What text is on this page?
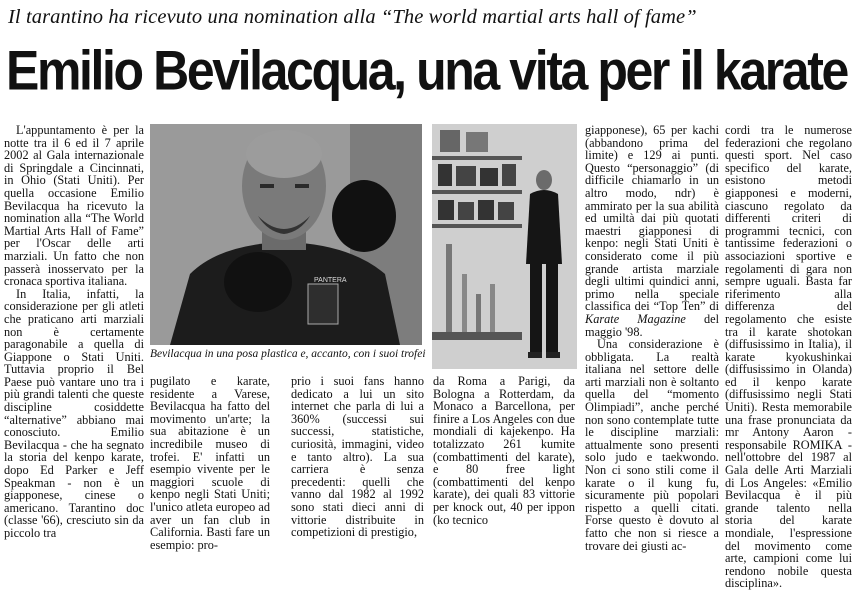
Il tarantino ha ricevuto una nomination alla “The world martial arts hall of fame”
Emilio Bevilacqua, una vita per il karate

L'appuntamento è per la notte tra il 6 ed il 7 aprile 2002 al Gala internazionale di Springdale a Cincinnati, in Ohio (Stati Uniti). Per quella occasione Emilio Bevilacqua ha ricevuto la nomination alla “The World Martial Arts Hall of Fame” per l'Oscar delle arti marziali. Un fatto che non passerà inosservato per la cronaca sportiva italiana.

In Italia, infatti, la considerazione per gli atleti che praticano arti marziali non è certamente paragonabile a quella di Giappone o Stati Uniti. Tuttavia proprio il Bel Paese può vantare uno tra i più grandi talenti che queste discipline cosiddette “alternative” abbiano mai conosciuto. Emilio Bevilacqua - che ha segnato la storia del kenpo karate, dopo Ed Parker e Jeff Speakman - non è un giapponese, cinese o americano. Tarantino doc (classe '66), cresciuto sin da piccolo tra

PANTERA
Bevilacqua in una posa plastica e, accanto, con i suoi trofei

pugilato e karate, residente a Varese, Bevilacqua ha fatto del movimento un'arte; la sua abitazione è un incredibile museo di trofei. E' infatti un esempio vivente per le maggiori scuole di kenpo negli Stati Uniti; l'unico atleta europeo ad aver un fan club in California. Basti fare un esempio: pro-

prio i suoi fans hanno dedicato a lui un sito internet che parla di lui a 360% (successi sui successi, statistiche, curiosità, immagini, video e tanto altro). La sua carriera è senza precedenti: quelli che vanno dal 1982 al 1992 sono stati dieci anni di vittorie distribuite in competizioni di prestigio,

da Roma a Parigi, da Bologna a Rotterdam, da Monaco a Barcellona, per finire a Los Angeles con due mondiali di kajekenpo. Ha totalizzato 261 kumite (combattimenti del karate), e 80 free light (combattimenti del kenpo karate), dei quali 83 vittorie per knock out, 40 per ippon (ko tecnico

giapponese), 65 per kachi (abbandono prima del limite) e 129 ai punti. Questo “personaggio” (di difficile chiamarlo in un altro modo, ndr) è ammirato per la sua abilità ed umiltà dai più quotati maestri giapponesi di kenpo: negli Stati Uniti è considerato come il più grande artista marziale degli ultimi quindici anni, primo nella speciale classifica dei “Top Ten” di Karate Magazine del maggio '98.

Una considerazione è obbligata. La realtà italiana nel settore delle arti marziali non è soltanto quella del “momento Olimpiadi”, anche perché non sono contemplate tutte le discipline marziali: attualmente sono presenti solo judo e taekwondo. Non ci sono stili come il karate o il kung fu, sicuramente più popolari rispetto a quelli citati. Forse questo è dovuto al fatto che non si riesce a trovare dei giusti ac-

cordi tra le numerose federazioni che regolano questi sport. Nel caso specifico del karate, esistono metodi giapponesi e moderni, ciascuno regolato da differenti criteri di programmi tecnici, con tantissime federazioni o associazioni sportive e regolamenti di gara non sempre uguali. Basta far riferimento alla differenza del regolamento che esiste tra il karate shotokan (diffusissimo in Italia), il karate kyokushinkai (diffusissimo in Olanda) ed il kenpo karate (diffusissimo negli Stati Uniti). Resta memorabile una frase pronunciata da mr Antony Aaron - responsabile ROMIKA - nell'ottobre del 1987 al Gala delle Arti Marziali di Los Angeles: «Emilio Bevilacqua è il più grande talento nella storia del karate mondiale, l'espressione del movimento come arte, campioni come lui rendono nobile questa disciplina».
